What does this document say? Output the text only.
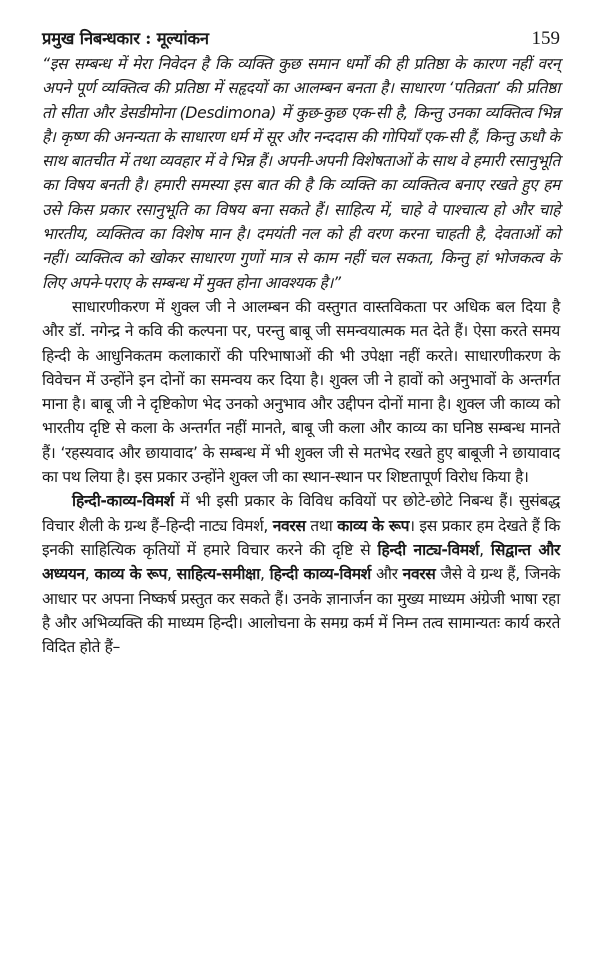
प्रमुख निबन्धकार : मूल्यांकन	159

“इस सम्बन्ध में मेरा निवेदन है कि व्यक्ति कुछ समान धर्मों की ही प्रतिष्ठा के कारण नहीं वरन् अपने पूर्ण व्यक्तित्व की प्रतिष्ठा में सहृदयों का आलम्बन बनता है। साधारण ‘पतिव्रता’ की प्रतिष्ठा तो सीता और डेसडीमोना (Desdimona) में कुछ-कुछ एक-सी है, किन्तु उनका व्यक्तित्व भिन्न है। कृष्ण की अनन्यता के साधारण धर्म में सूर और नन्ददास की गोपियाँ एक-सी हैं, किन्तु ऊधौ के साथ बातचीत में तथा व्यवहार में वे भिन्न हैं। अपनी-अपनी विशेषताओं के साथ वे हमारी रसानुभूति का विषय बनती है। हमारी समस्या इस बात की है कि व्यक्ति का व्यक्तित्व बनाए रखते हुए हम उसे किस प्रकार रसानुभूति का विषय बना सकते हैं। साहित्य में, चाहे वे पाश्चात्य हो और चाहे भारतीय, व्यक्तित्व का विशेष मान है। दमयंती नल को ही वरण करना चाहती है, देवताओं को नहीं। व्यक्तित्व को खोकर साधारण गुणों मात्र से काम नहीं चल सकता, किन्तु हां भोजकत्व के लिए अपने-पराए के सम्बन्ध में मुक्त होना आवश्यक है।”

साधारणीकरण में शुक्ल जी ने आलम्बन की वस्तुगत वास्तविकता पर अधिक बल दिया है और डॉ. नगेन्द्र ने कवि की कल्पना पर, परन्तु बाबू जी समन्वयात्मक मत देते हैं। ऐसा करते समय हिन्दी के आधुनिकतम कलाकारों की परिभाषाओं की भी उपेक्षा नहीं करते। साधारणीकरण के विवेचन में उन्होंने इन दोनों का समन्वय कर दिया है। शुक्ल जी ने हावों को अनुभावों के अन्तर्गत माना है। बाबू जी ने दृष्टिकोण भेद उनको अनुभाव और उद्दीपन दोनों माना है। शुक्ल जी काव्य को भारतीय दृष्टि से कला के अन्तर्गत नहीं मानते, बाबू जी कला और काव्य का घनिष्ठ सम्बन्ध मानते हैं। ‘रहस्यवाद और छायावाद’ के सम्बन्ध में भी शुक्ल जी से मतभेद रखते हुए बाबूजी ने छायावाद का पथ लिया है। इस प्रकार उन्होंने शुक्ल जी का स्थान-स्थान पर शिष्टतापूर्ण विरोध किया है।

हिन्दी-काव्य-विमर्श में भी इसी प्रकार के विविध कवियों पर छोटे-छोटे निबन्ध हैं। सुसंबद्ध विचार शैली के ग्रन्थ हैं–हिन्दी नाट्य विमर्श, नवरस तथा काव्य के रूप। इस प्रकार हम देखते हैं कि इनकी साहित्यिक कृतियों में हमारे विचार करने की दृष्टि से हिन्दी नाट्य-विमर्श, सिद्वान्त और अध्ययन, काव्य के रूप, साहित्य-समीक्षा, हिन्दी काव्य-विमर्श और नवरस जैसे वे ग्रन्थ हैं, जिनके आधार पर अपना निष्कर्ष प्रस्तुत कर सकते हैं। उनके ज्ञानार्जन का मुख्य माध्यम अंग्रेजी भाषा रहा है और अभिव्यक्ति की माध्यम हिन्दी। आलोचना के समग्र कर्म में निम्न तत्व सामान्यतः कार्य करते विदित होते हैं–
